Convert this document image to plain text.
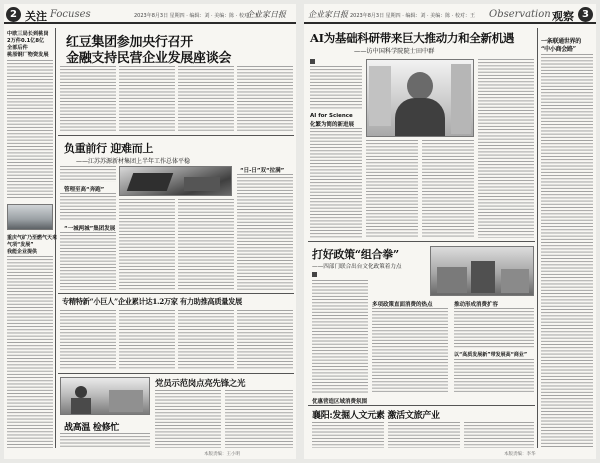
2 关注 Focuses	2023年8月3日 星期四 · 编辑：刘 · 美编：陈 · 校对：王
企业家日报
中欧三局长到桃岗
2万件0.1亿8亿
全部后件
桃原钢厂物资发展
重庆气矿乃至燃气天来
气项“发展”
我能企业提供
红豆集团参加央行召开
金融支持民营企业发展座谈会
负重前行 迎难而上
——江苏苏源新材集团上半年工作总体平稳
管理至高“奔跑”
“一城两城”集团发展
“日-日”双“拉满”
专精特新“小巨人”企业累计达1.2万家 有力助推高质量发展
党员示范岗点亮先锋之光
战高温 检修忙
本版责编：王小明
企业家日报 2023年8月3日 星期四 · 编辑：刘 · 美编：陈 · 校对：王 Observation 观察 3
AI为基础科研带来巨大推动力和全新机遇
——访中国科学院院士田中群
一条联通世界的
“中小商会路”
AI for Science
化繁为简的新进展
打好政策“组合拳”
——四部门联合出台文化政策着力点
多项政策直面消费的热点	推动形成消费扩容
以“高质发展新”带发展高“商业”
优惠营造区域消费氛围
襄阳:发掘人文元素 激活文旅产业
本版责编：李华
